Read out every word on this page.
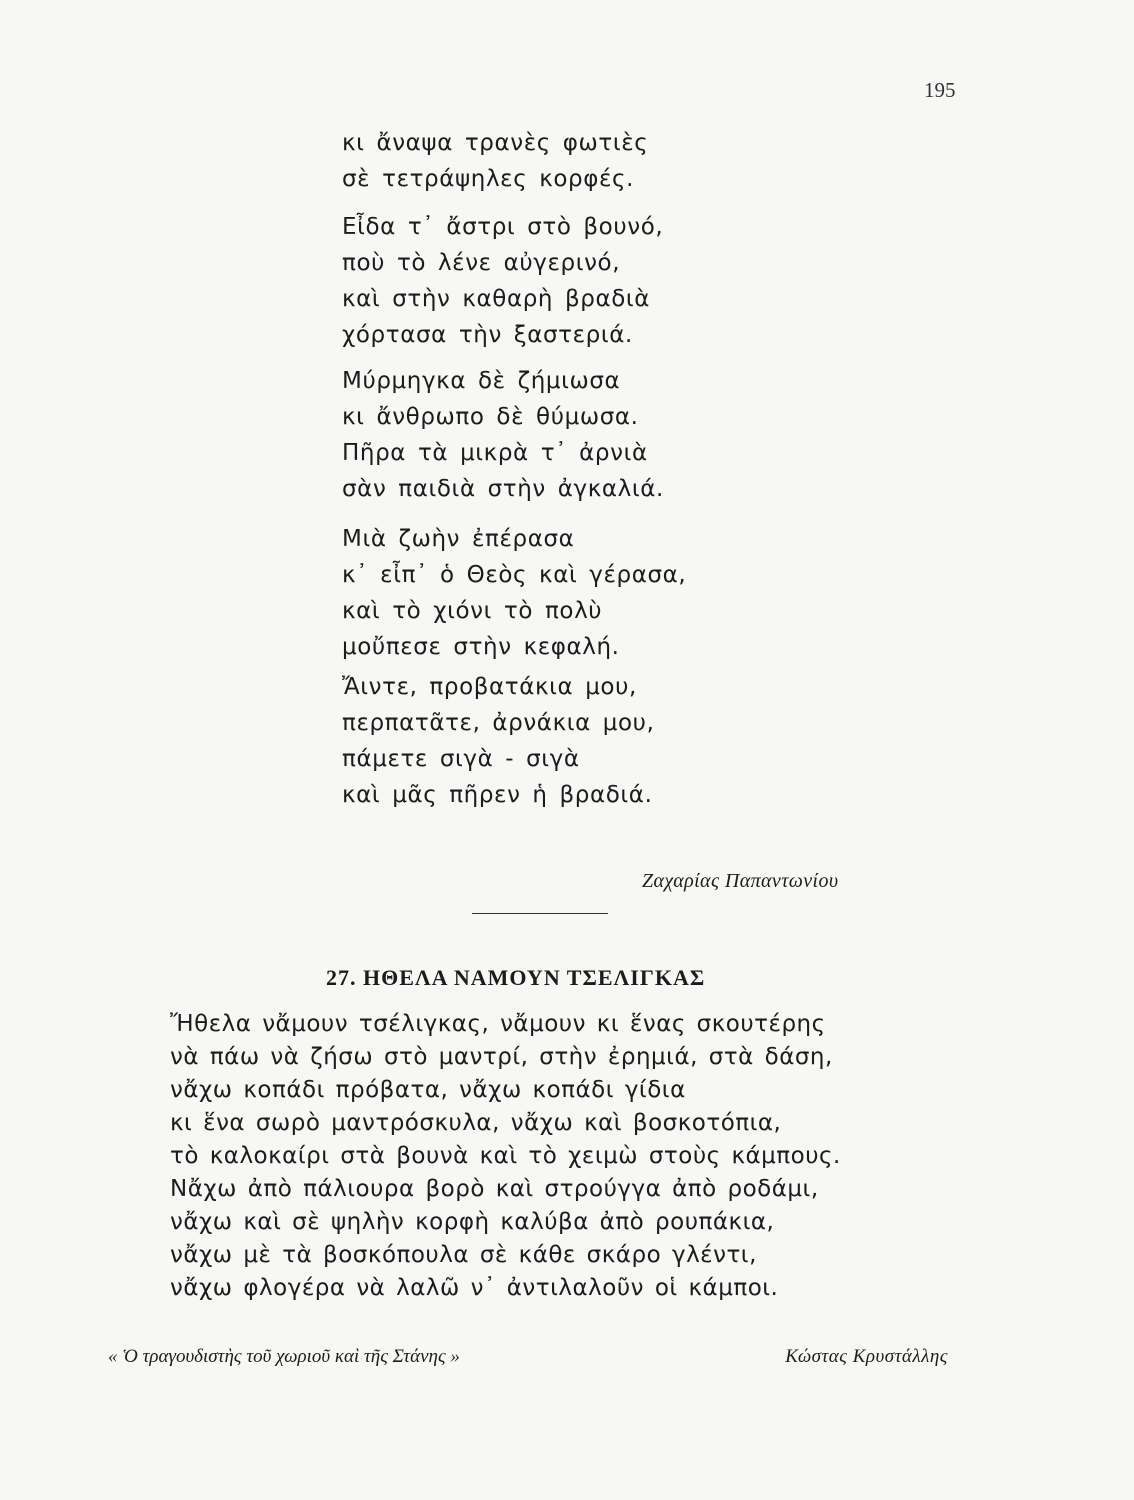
195
κι ἄναψα τρανὲς φωτιὲς
σὲ τετράψηλες κορφές.
Εἶδα τ᾿ ἄστρι στὸ βουνό,
ποὺ τὸ λένε αὐγερινό,
καὶ στὴν καθαρὴ βραδιὰ
χόρτασα τὴν ξαστεριά.
Μύρμηγκα δὲ ζήμιωσα
κι ἄνθρωπο δὲ θύμωσα.
Πῆρα τὰ μικρὰ τ᾿ ἀρνιὰ
σὰν παιδιὰ στὴν ἀγκαλιά.
Μιὰ ζωὴν ἐπέρασα
κ᾿ εἶπ᾿ ὁ Θεὸς καὶ γέρασα,
καὶ τὸ χιόνι τὸ πολὺ
μοὔπεσε στὴν κεφαλή.
Ἄιντε, προβατάκια μου,
περπατᾶτε, ἀρνάκια μου,
πάμετε σιγὰ - σιγὰ
καὶ μᾶς πῆρεν ἡ βραδιά.
Ζαχαρίας Παπαντωνίου
27. ΗΘΕΛΑ ΝΑΜΟΥΝ ΤΣΕΛΙΓΚΑΣ
Ἤθελα νἄμουν τσέλιγκας, νἄμουν κι ἕνας σκουτέρης
νὰ πάω νὰ ζήσω στὸ μαντρί, στὴν ἐρημιά, στὰ δάση,
νἄχω κοπάδι πρόβατα, νἄχω κοπάδι γίδια
κι ἕνα σωρὸ μαντρόσκυλα, νἄχω καὶ βοσκοτόπια,
τὸ καλοκαίρι στὰ βουνὰ καὶ τὸ χειμὼ στοὺς κάμπους.
Νἄχω ἀπὸ πάλιουρα βορὸ καὶ στρούγγα ἀπὸ ροδάμι,
νἄχω καὶ σὲ ψηλὴν κορφὴ καλύβα ἀπὸ ρουπάκια,
νἄχω μὲ τὰ βοσκόπουλα σὲ κάθε σκάρο γλέντι,
νἄχω φλογέρα νὰ λαλῶ ν᾿ ἀντιλαλοῦν οἱ κάμποι.
« Ὁ τραγουδιστὴς τοῦ χωριοῦ καὶ τῆς Στάνης »	Κώστας Κρυστάλλης
